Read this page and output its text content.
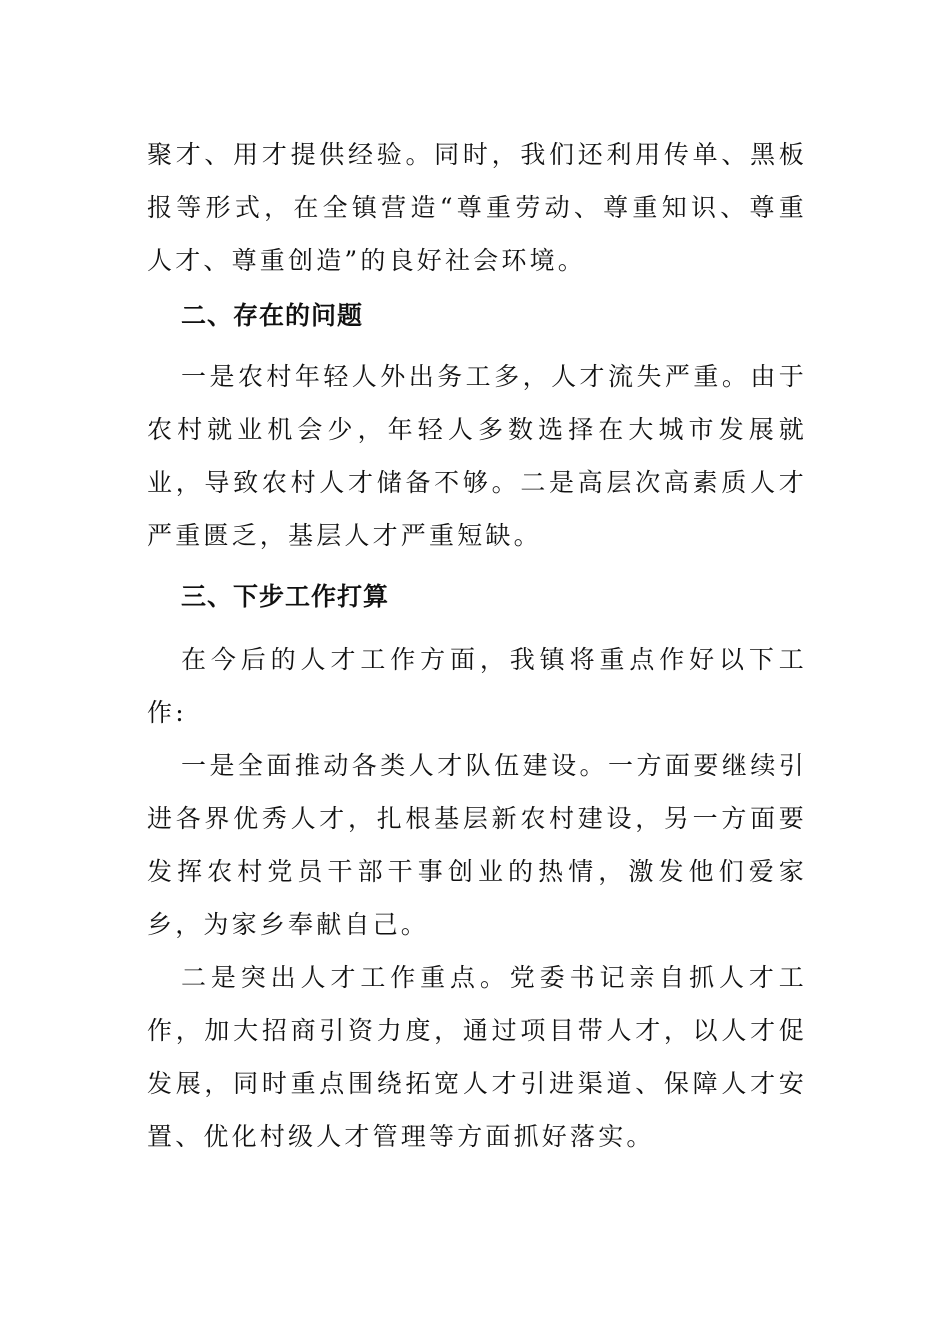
聚才、用才提供经验。同时，我们还利用传单、黑板报等形式，在全镇营造“尊重劳动、尊重知识、尊重人才、尊重创造”的良好社会环境。

二、存在的问题

一是农村年轻人外出务工多，人才流失严重。由于农村就业机会少，年轻人多数选择在大城市发展就业，导致农村人才储备不够。二是高层次高素质人才严重匮乏，基层人才严重短缺。

三、下步工作打算

在今后的人才工作方面，我镇将重点作好以下工作:

一是全面推动各类人才队伍建设。一方面要继续引进各界优秀人才，扎根基层新农村建设，另一方面要发挥农村党员干部干事创业的热情，激发他们爱家乡，为家乡奉献自己。

二是突出人才工作重点。党委书记亲自抓人才工作，加大招商引资力度，通过项目带人才，以人才促发展，同时重点围绕拓宽人才引进渠道、保障人才安置、优化村级人才管理等方面抓好落实。
